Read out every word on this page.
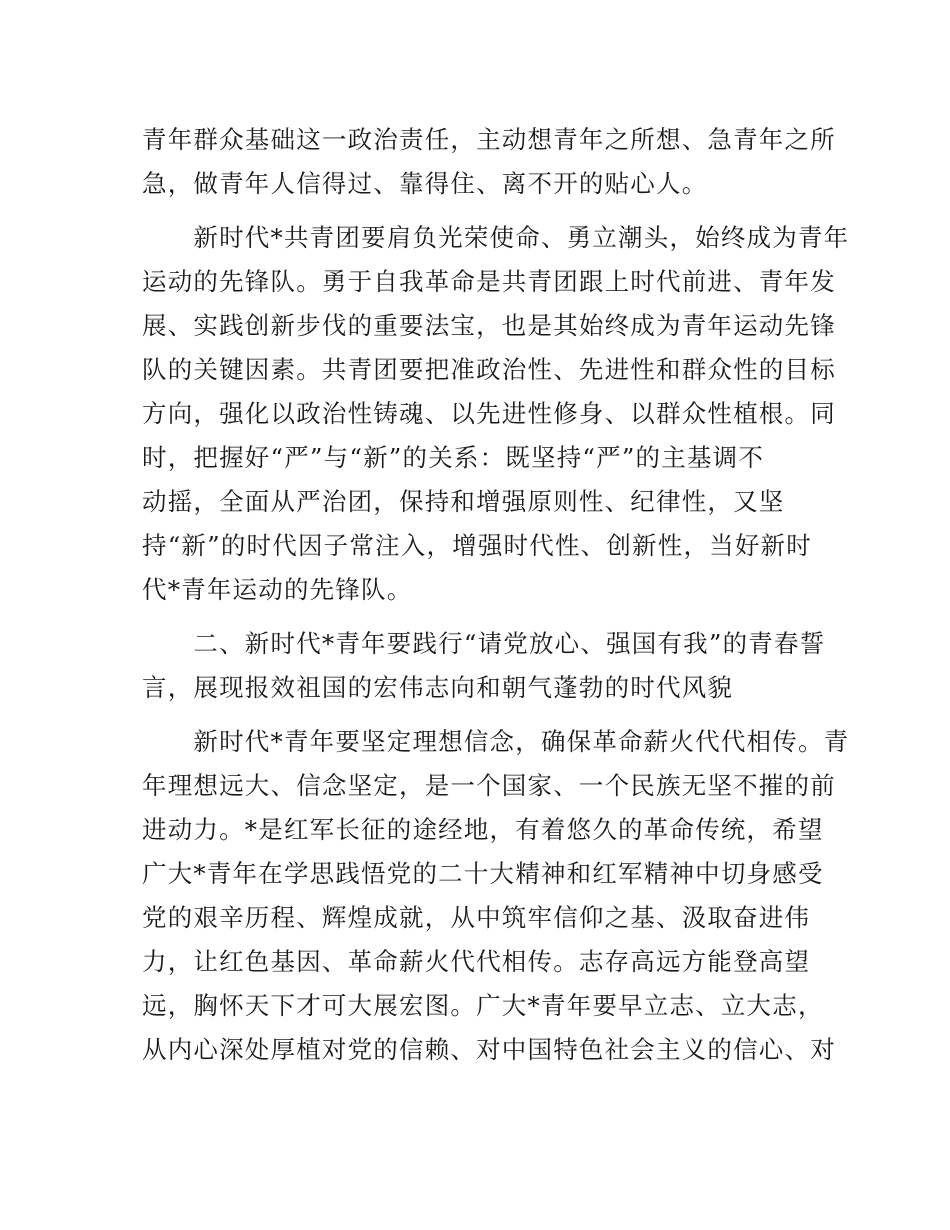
青年群众基础这一政治责任，主动想青年之所想、急青年之所
急，做青年人信得过、靠得住、离不开的贴心人。
　　新时代*共青团要肩负光荣使命、勇立潮头，始终成为青年
运动的先锋队。勇于自我革命是共青团跟上时代前进、青年发
展、实践创新步伐的重要法宝，也是其始终成为青年运动先锋
队的关键因素。共青团要把准政治性、先进性和群众性的目标
方向，强化以政治性铸魂、以先进性修身、以群众性植根。同
时，把握好“严”与“新”的关系：既坚持“严”的主基调不
动摇，全面从严治团，保持和增强原则性、纪律性，又坚
持“新”的时代因子常注入，增强时代性、创新性，当好新时
代*青年运动的先锋队。
　　二、新时代*青年要践行“请党放心、强国有我”的青春誓
言，展现报效祖国的宏伟志向和朝气蓬勃的时代风貌
　　新时代*青年要坚定理想信念，确保革命薪火代代相传。青
年理想远大、信念坚定，是一个国家、一个民族无坚不摧的前
进动力。*是红军长征的途经地，有着悠久的革命传统，希望
广大*青年在学思践悟党的二十大精神和红军精神中切身感受
党的艰辛历程、辉煌成就，从中筑牢信仰之基、汲取奋进伟
力，让红色基因、革命薪火代代相传。志存高远方能登高望
远，胸怀天下才可大展宏图。广大*青年要早立志、立大志，
从内心深处厚植对党的信赖、对中国特色社会主义的信心、对
